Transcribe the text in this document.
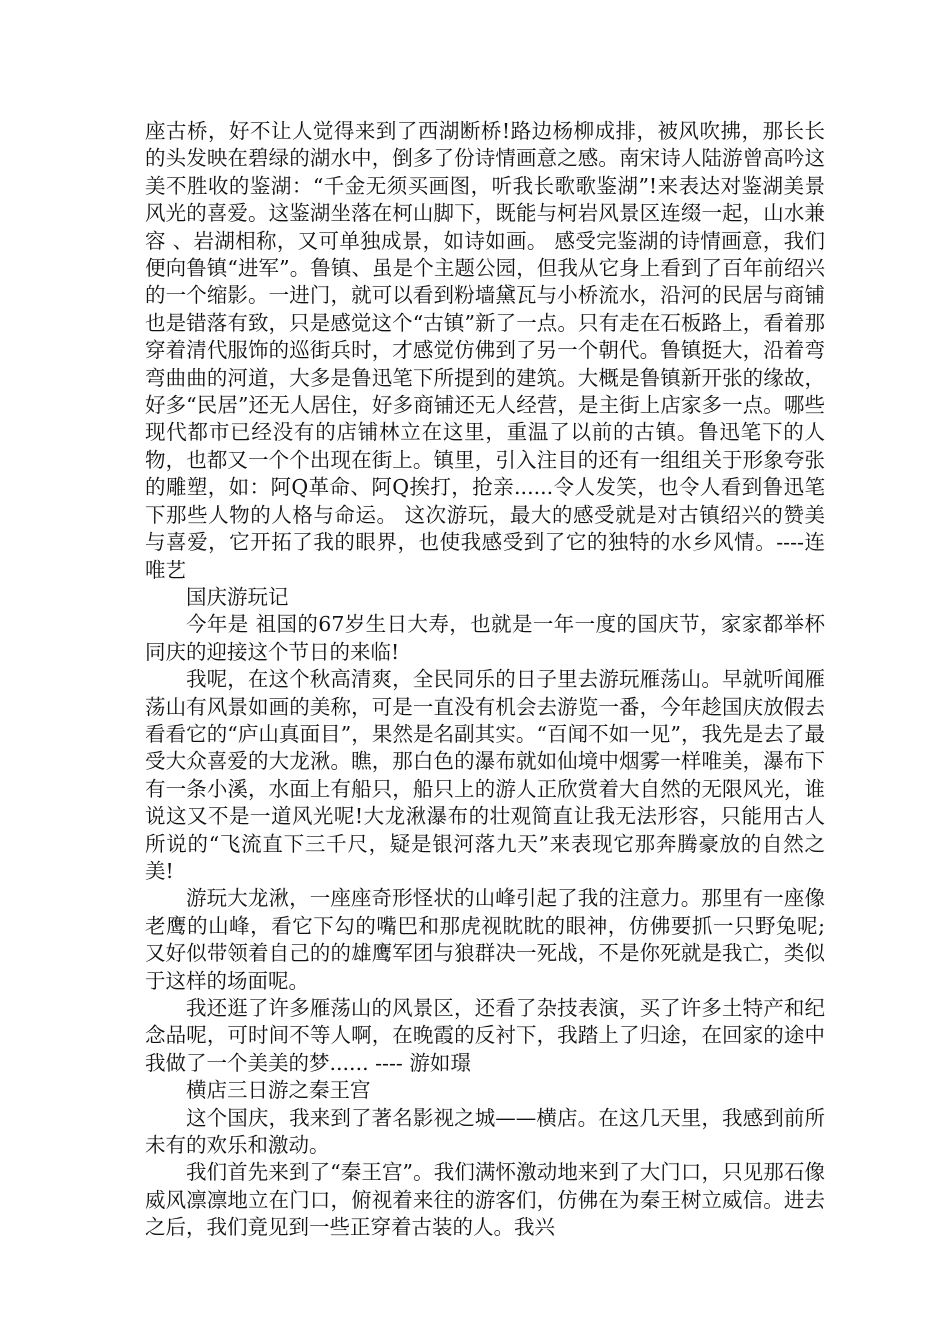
座古桥，好不让人觉得来到了西湖断桥!路边杨柳成排，被风吹拂，那长长的头发映在碧绿的湖水中，倒多了份诗情画意之感。南宋诗人陆游曾高吟这美不胜收的鉴湖：“千金无须买画图，听我长歌歌鉴湖”!来表达对鉴湖美景风光的喜爱。这鉴湖坐落在柯山脚下，既能与柯岩风景区连缀一起，山水兼容 、岩湖相称，又可单独成景，如诗如画。 感受完鉴湖的诗情画意，我们便向鲁镇“进军”。鲁镇、虽是个主题公园，但我从它身上看到了百年前绍兴的一个缩影。一进门，就可以看到粉墙黛瓦与小桥流水，沿河的民居与商铺也是错落有致，只是感觉这个“古镇”新了一点。只有走在石板路上，看着那穿着清代服饰的巡街兵时，才感觉仿佛到了另一个朝代。鲁镇挺大，沿着弯弯曲曲的河道，大多是鲁迅笔下所提到的建筑。大概是鲁镇新开张的缘故，好多“民居”还无人居住，好多商铺还无人经营，是主街上店家多一点。哪些现代都市已经没有的店铺林立在这里，重温了以前的古镇。鲁迅笔下的人物，也都又一个个出现在街上。镇里，引入注目的还有一组组关于形象夸张的雕塑，如：阿Q革命、阿Q挨打，抢亲......令人发笑，也令人看到鲁迅笔下那些人物的人格与命运。 这次游玩，最大的感受就是对古镇绍兴的赞美与喜爱，它开拓了我的眼界，也使我感受到了它的独特的水乡风情。----连唯艺

国庆游玩记

今年是 祖国的67岁生日大寿，也就是一年一度的国庆节，家家都举杯同庆的迎接这个节日的来临!

我呢，在这个秋高清爽，全民同乐的日子里去游玩雁荡山。早就听闻雁荡山有风景如画的美称，可是一直没有机会去游览一番，今年趁国庆放假去看看它的“庐山真面目”，果然是名副其实。“百闻不如一见”，我先是去了最受大众喜爱的大龙湫。瞧，那白色的瀑布就如仙境中烟雾一样唯美，瀑布下有一条小溪，水面上有船只，船只上的游人正欣赏着大自然的无限风光，谁说这又不是一道风光呢!大龙湫瀑布的壮观简直让我无法形容，只能用古人所说的“飞流直下三千尺，疑是银河落九天”来表现它那奔腾豪放的自然之美!

游玩大龙湫，一座座奇形怪状的山峰引起了我的注意力。那里有一座像老鹰的山峰，看它下勾的嘴巴和那虎视眈眈的眼神，仿佛要抓一只野兔呢;又好似带领着自己的的雄鹰军团与狼群决一死战，不是你死就是我亡，类似于这样的场面呢。

我还逛了许多雁荡山的风景区，还看了杂技表演，买了许多土特产和纪念品呢，可时间不等人啊，在晚霞的反衬下，我踏上了归途，在回家的途中我做了一个美美的梦...... ---- 游如璟

横店三日游之秦王宫

这个国庆，我来到了著名影视之城——横店。在这几天里，我感到前所未有的欢乐和激动。

我们首先来到了“秦王宫”。我们满怀激动地来到了大门口，只见那石像威风凛凛地立在门口，俯视着来往的游客们，仿佛在为秦王树立威信。进去之后，我们竟见到一些正穿着古装的人。我兴
